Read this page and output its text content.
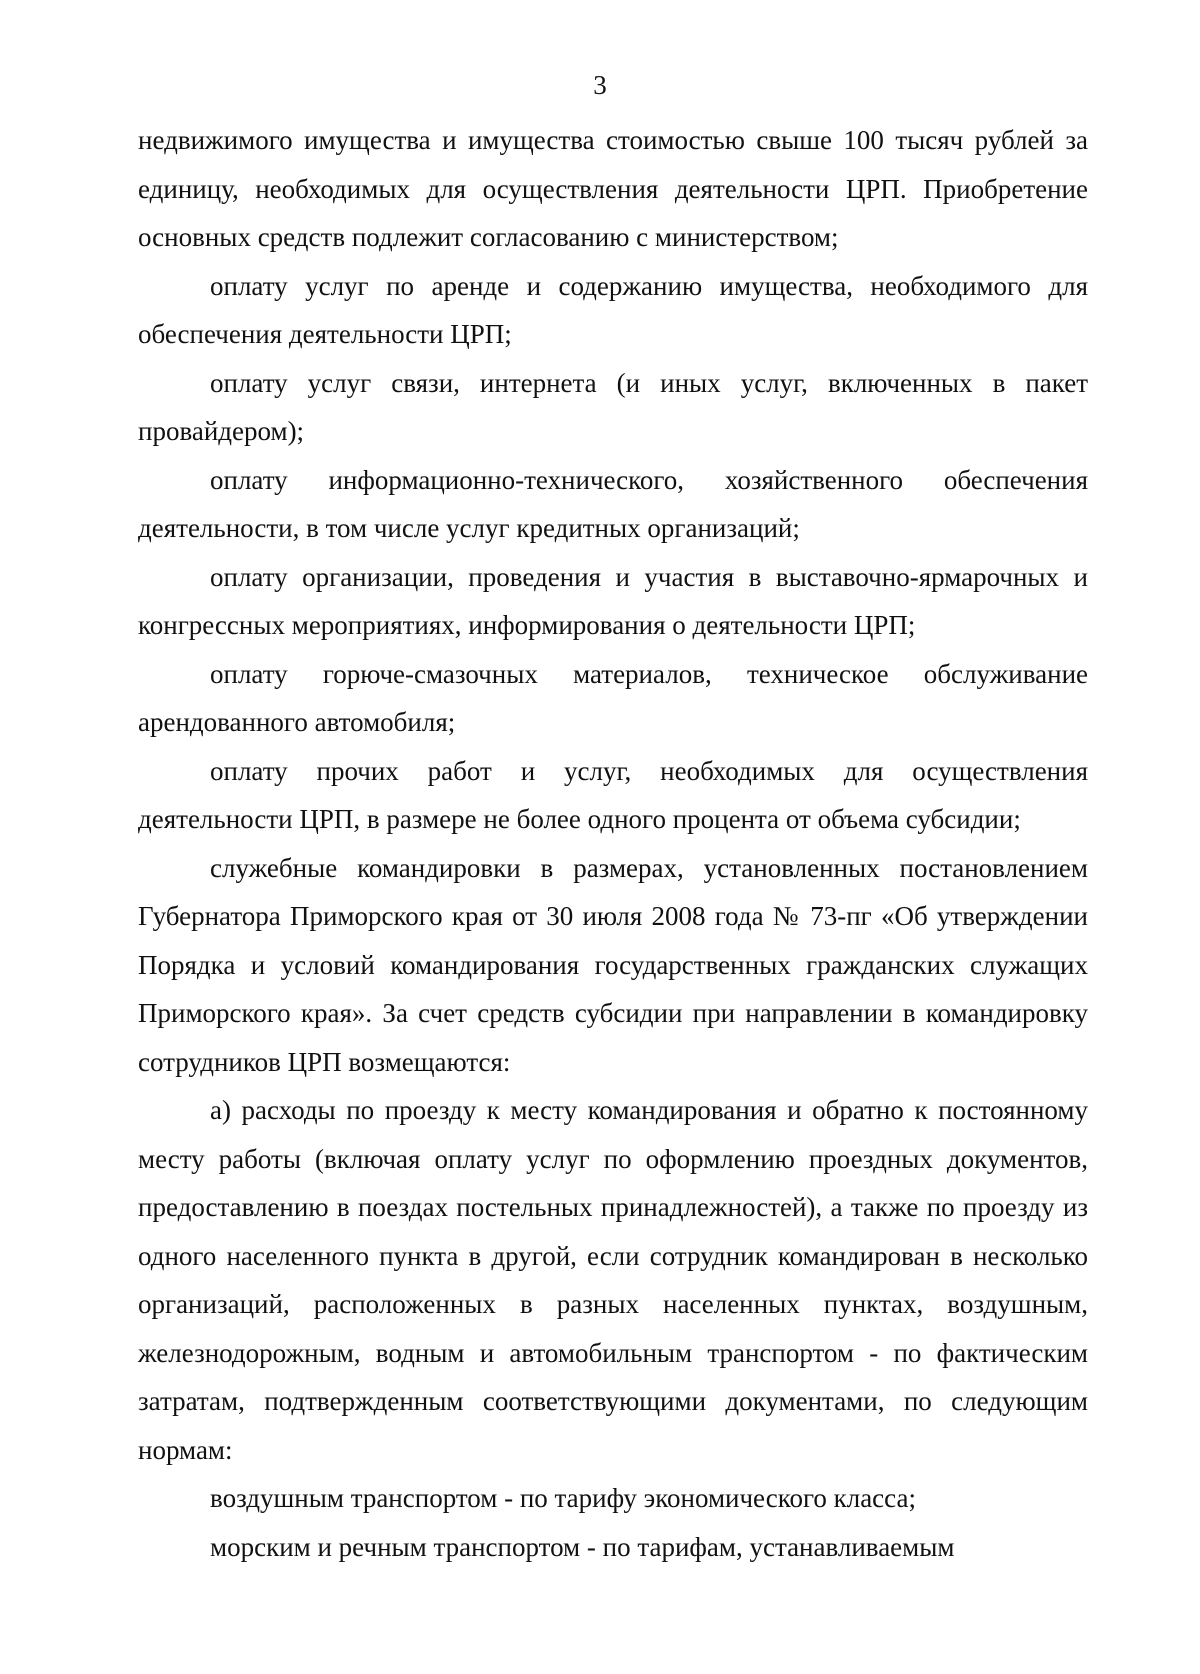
3

недвижимого имущества и имущества стоимостью свыше 100 тысяч рублей за единицу, необходимых для осуществления деятельности ЦРП. Приобретение основных средств подлежит согласованию с министерством;

оплату услуг по аренде и содержанию имущества, необходимого для обеспечения деятельности ЦРП;

оплату услуг связи, интернета (и иных услуг, включенных в пакет провайдером);

оплату информационно-технического, хозяйственного обеспечения деятельности, в том числе услуг кредитных организаций;

оплату организации, проведения и участия в выставочно-ярмарочных и конгрессных мероприятиях, информирования о деятельности ЦРП;

оплату горюче-смазочных материалов, техническое обслуживание арендованного автомобиля;

оплату прочих работ и услуг, необходимых для осуществления деятельности ЦРП, в размере не более одного процента от объема субсидии;

служебные командировки в размерах, установленных постановлением Губернатора Приморского края от 30 июля 2008 года № 73-пг «Об утверждении Порядка и условий командирования государственных гражданских служащих Приморского края». За счет средств субсидии при направлении в командировку сотрудников ЦРП возмещаются:

а) расходы по проезду к месту командирования и обратно к постоянному месту работы (включая оплату услуг по оформлению проездных документов, предоставлению в поездах постельных принадлежностей), а также по проезду из одного населенного пункта в другой, если сотрудник командирован в несколько организаций, расположенных в разных населенных пунктах, воздушным, железнодорожным, водным и автомобильным транспортом - по фактическим затратам, подтвержденным соответствующими документами, по следующим нормам:

воздушным транспортом - по тарифу экономического класса;

морским и речным транспортом - по тарифам, устанавливаемым
